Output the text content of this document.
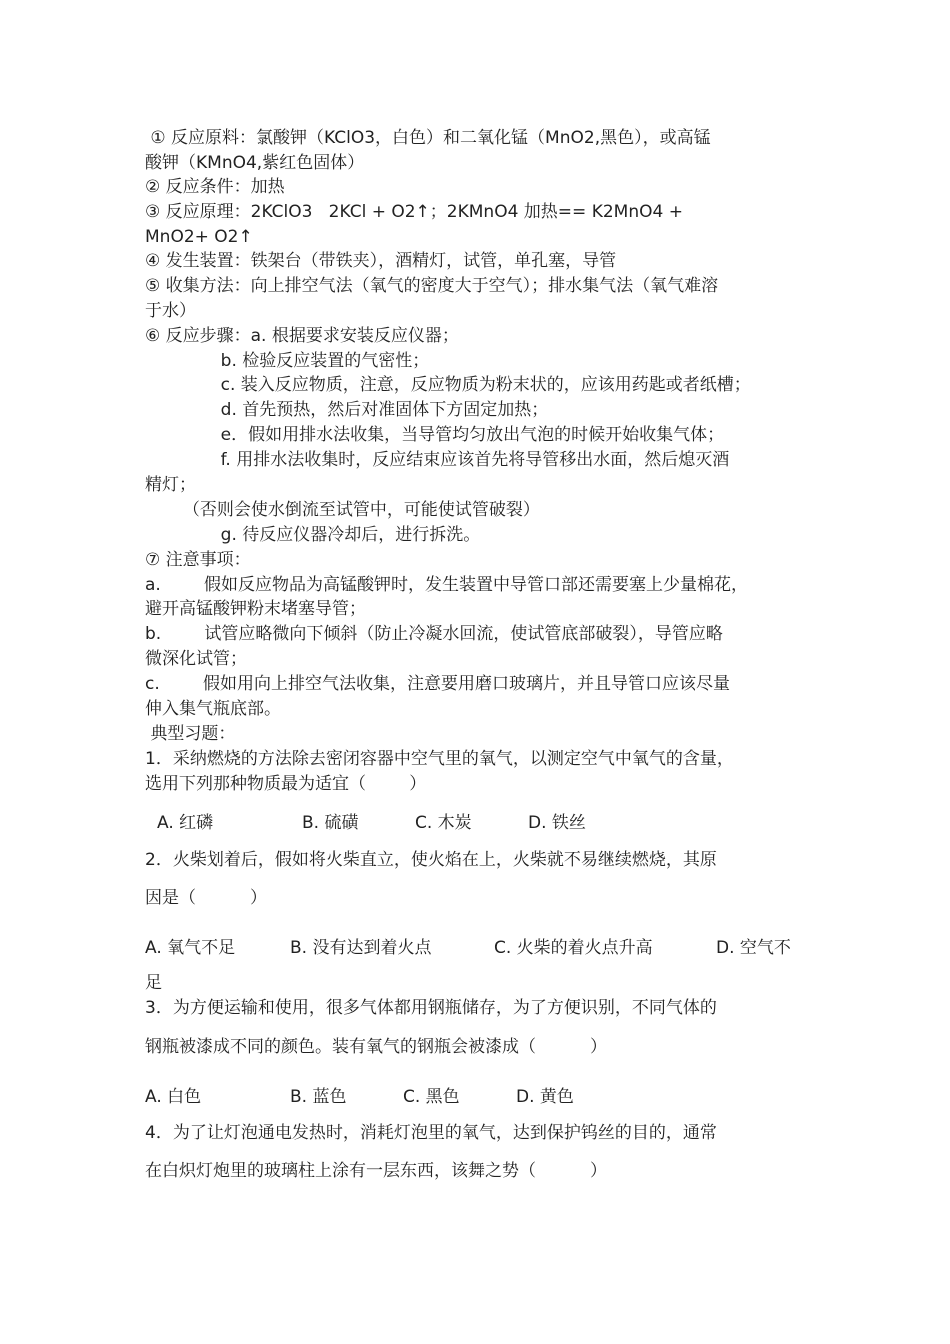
① 反应原料：氯酸钾（KClO3，白色）和二氧化锰（MnO2,黑色），或高锰
酸钾（KMnO4,紫红色固体）
② 反应条件：加热
③ 反应原理：2KClO3   2KCl + O2↑；2KMnO4 加热== K2MnO4 +
MnO2+ O2↑
④ 发生装置：铁架台（带铁夹），酒精灯，试管，单孔塞，导管
⑤ 收集方法：向上排空气法（氧气的密度大于空气）；排水集气法（氧气难溶
于水）
⑥ 反应步骤：a. 根据要求安装反应仪器；
b. 检验反应装置的气密性；
c. 装入反应物质，注意，反应物质为粉末状的，应该用药匙或者纸槽；
d. 首先预热，然后对准固体下方固定加热；
e．假如用排水法收集，当导管均匀放出气泡的时候开始收集气体；
f. 用排水法收集时，反应结束应该首先将导管移出水面，然后熄灭酒
精灯；
（否则会使水倒流至试管中，可能使试管破裂）
g. 待反应仪器冷却后，进行拆洗。
⑦ 注意事项：
a.        假如反应物品为高锰酸钾时，发生装置中导管口部还需要塞上少量棉花，
避开高锰酸钾粉末堵塞导管；
b.        试管应略微向下倾斜（防止冷凝水回流，使试管底部破裂），导管应略
微深化试管；
c.        假如用向上排空气法收集，注意要用磨口玻璃片，并且导管口应该尽量
伸入集气瓶底部。
典型习题：
1．采纳燃烧的方法除去密闭容器中空气里的氧气，以测定空气中氧气的含量，
选用下列那种物质最为适宜（        ）
A. 红磷	B. 硫磺	C. 木炭	D. 铁丝
2．火柴划着后，假如将火柴直立，使火焰在上，火柴就不易继续燃烧，其原
因是（          ）
A. 氧气不足	B. 没有达到着火点	C. 火柴的着火点升高	D. 空气不
足
3．为方便运输和使用，很多气体都用钢瓶储存，为了方便识别，不同气体的
钢瓶被漆成不同的颜色。装有氧气的钢瓶会被漆成（          ）
A. 白色	B. 蓝色	C. 黑色	D. 黄色
4．为了让灯泡通电发热时，消耗灯泡里的氧气，达到保护钨丝的目的，通常
在白炽灯炮里的玻璃柱上涂有一层东西，该舞之势（          ）
